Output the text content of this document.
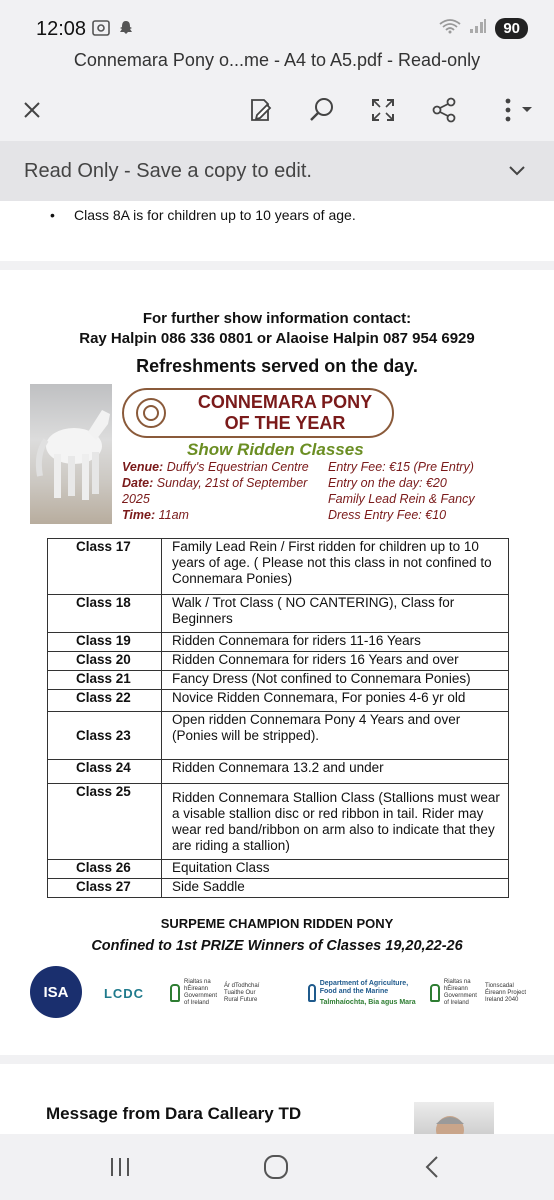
12:08	90
Connemara Pony o...me - A4 to A5.pdf - Read-only
Read Only - Save a copy to edit.
• Class 8A is for children up to 10 years of age.
For further show information contact:
Ray Halpin 086 336 0801 or Alaoise Halpin 087 954 6929
Refreshments served on the day.
CONNEMARA PONY
OF THE YEAR
Show Ridden Classes
Venue: Duffy's Equestrian Centre
Date: Sunday, 21st of September 2025
Time: 11am
Entry Fee: €15 (Pre Entry)
Entry on the day: €20
Family Lead Rein & Fancy
Dress Entry Fee: €10
Class 17	Family Lead Rein / First ridden for children up to 10 years of age. ( Please not this class in not confined to Connemara Ponies)
Class 18	Walk / Trot Class ( NO CANTERING), Class for Beginners
Class 19	Ridden Connemara for riders 11-16 Years
Class 20	Ridden Connemara for riders 16 Years and over
Class 21	Fancy Dress (Not confined to Connemara Ponies)
Class 22	Novice Ridden Connemara, For ponies 4-6 yr old
Class 23	Open ridden Connemara Pony 4 Years and over (Ponies will be stripped).
Class 24	Ridden Connemara 13.2 and under
Class 25	Ridden Connemara Stallion Class (Stallions must wear a visable stallion disc or red ribbon in tail. Rider may wear red band/ribbon on arm also to indicate that they are riding a stallion)
Class 26	Equitation Class
Class 27	Side Saddle
SURPEME CHAMPION RIDDEN PONY
Confined to 1st PRIZE Winners of Classes 19,20,22-26
ISA	LCDC
Rialtas na hÉireann Government of Ireland
Ár dTodhchaí Tuaithe Our Rural Future
Department of Agriculture, Food and the Marine
Talmhaíochta, Bia agus Mara
Rialtas na hÉireann Government of Ireland
Tionscadal Éireann Project Ireland 2040
Message from Dara Calleary TD
